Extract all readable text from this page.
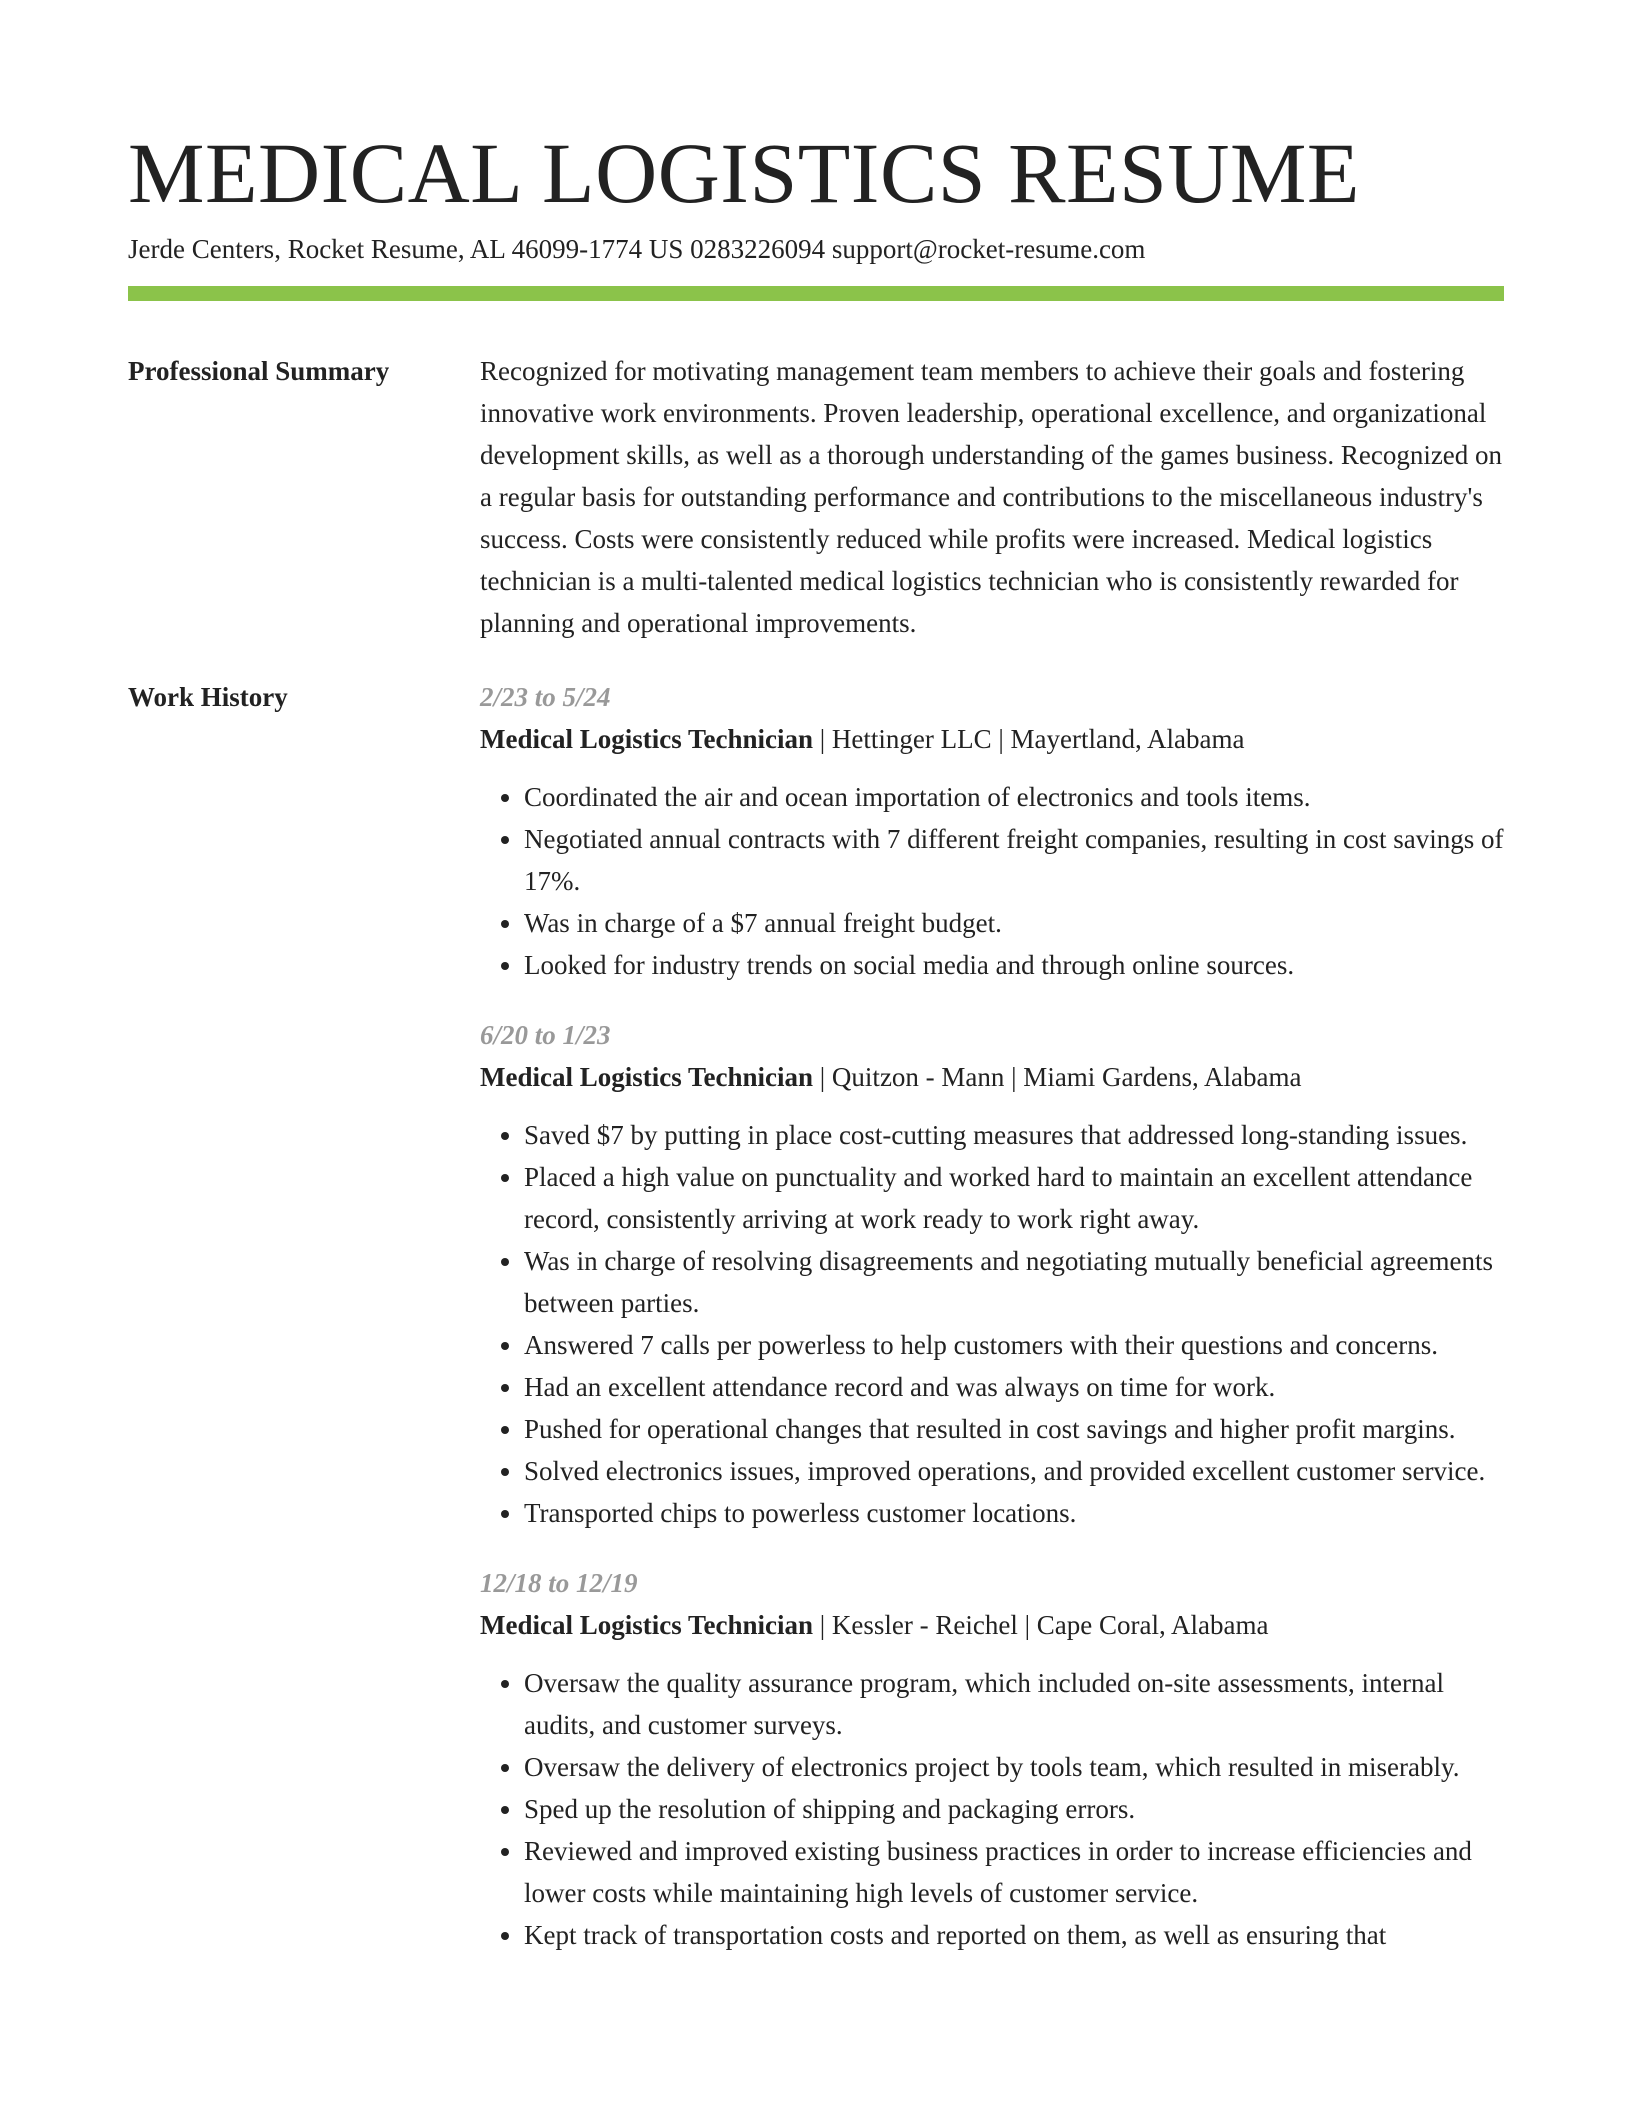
MEDICAL LOGISTICS RESUME
Jerde Centers, Rocket Resume, AL 46099-1774 US 0283226094 support@rocket-resume.com
Professional Summary	Recognized for motivating management team members to achieve their goals and fostering innovative work environments. Proven leadership, operational excellence, and organizational development skills, as well as a thorough understanding of the games business. Recognized on a regular basis for outstanding performance and contributions to the miscellaneous industry's success. Costs were consistently reduced while profits were increased. Medical logistics technician is a multi-talented medical logistics technician who is consistently rewarded for planning and operational improvements.

Work History	2/23 to 5/24
Medical Logistics Technician | Hettinger LLC | Mayertland, Alabama
• Coordinated the air and ocean importation of electronics and tools items.
• Negotiated annual contracts with 7 different freight companies, resulting in cost savings of 17%.
• Was in charge of a $7 annual freight budget.
• Looked for industry trends on social media and through online sources.
6/20 to 1/23
Medical Logistics Technician | Quitzon - Mann | Miami Gardens, Alabama
• Saved $7 by putting in place cost-cutting measures that addressed long-standing issues.
• Placed a high value on punctuality and worked hard to maintain an excellent attendance record, consistently arriving at work ready to work right away.
• Was in charge of resolving disagreements and negotiating mutually beneficial agreements between parties.
• Answered 7 calls per powerless to help customers with their questions and concerns.
• Had an excellent attendance record and was always on time for work.
• Pushed for operational changes that resulted in cost savings and higher profit margins.
• Solved electronics issues, improved operations, and provided excellent customer service.
• Transported chips to powerless customer locations.
12/18 to 12/19
Medical Logistics Technician | Kessler - Reichel | Cape Coral, Alabama
• Oversaw the quality assurance program, which included on-site assessments, internal audits, and customer surveys.
• Oversaw the delivery of electronics project by tools team, which resulted in miserably.
• Sped up the resolution of shipping and packaging errors.
• Reviewed and improved existing business practices in order to increase efficiencies and lower costs while maintaining high levels of customer service.
• Kept track of transportation costs and reported on them, as well as ensuring that
